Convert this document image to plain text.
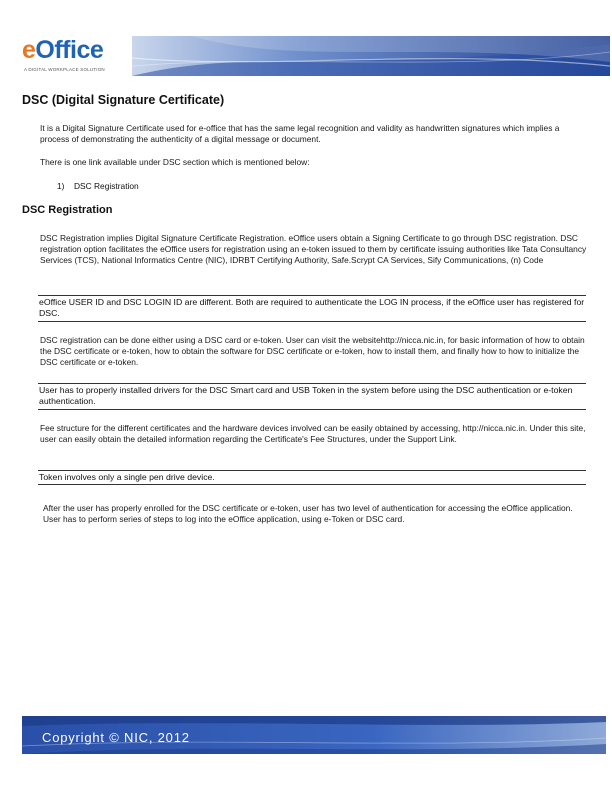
eOffice
A DIGITAL WORKPLACE SOLUTION
DSC (Digital Signature Certificate)
It is a Digital Signature Certificate used for e-office that has the same legal recognition and validity as handwritten signatures which implies a process of demonstrating the authenticity of a digital message or document.
There is one link available under DSC section which is mentioned below:
1) DSC Registration
DSC Registration
DSC Registration implies Digital Signature Certificate Registration. eOffice users obtain a Signing Certificate to go through DSC registration. DSC registration option facilitates the eOffice users for registration using an e-token issued to them by certificate issuing authorities like Tata Consultancy Services (TCS), National Informatics Centre (NIC), IDRBT Certifying Authority, Safe.Scrypt CA Services, Sify Communications, (n) Code
eOffice USER ID and DSC LOGIN ID are different. Both are required to authenticate the LOG IN process, if the eOffice user has registered for DSC.
DSC registration can be done either using a DSC card or e-token. User can visit the websitehttp://nicca.nic.in, for basic information of how to obtain the DSC certificate or e-token, how to obtain the software for DSC certificate or e-token, how to install them, and finally how to how to initialize the DSC certificate or e-token.
User has to properly installed drivers for the DSC Smart card and USB Token in the system before using the DSC authentication or e-token authentication.
Fee structure for the different certificates and the hardware devices involved can be easily obtained by accessing, http://nicca.nic.in. Under this site, user can easily obtain the detailed information regarding the Certificate's Fee Structures, under the Support Link.
Token involves only a single pen drive device.
After the user has properly enrolled for the DSC certificate or e-token, user has two level of authentication for accessing the eOffice application. User has to perform series of steps to log into the eOffice application, using e-Token or DSC card.
Copyright © NIC, 2012
